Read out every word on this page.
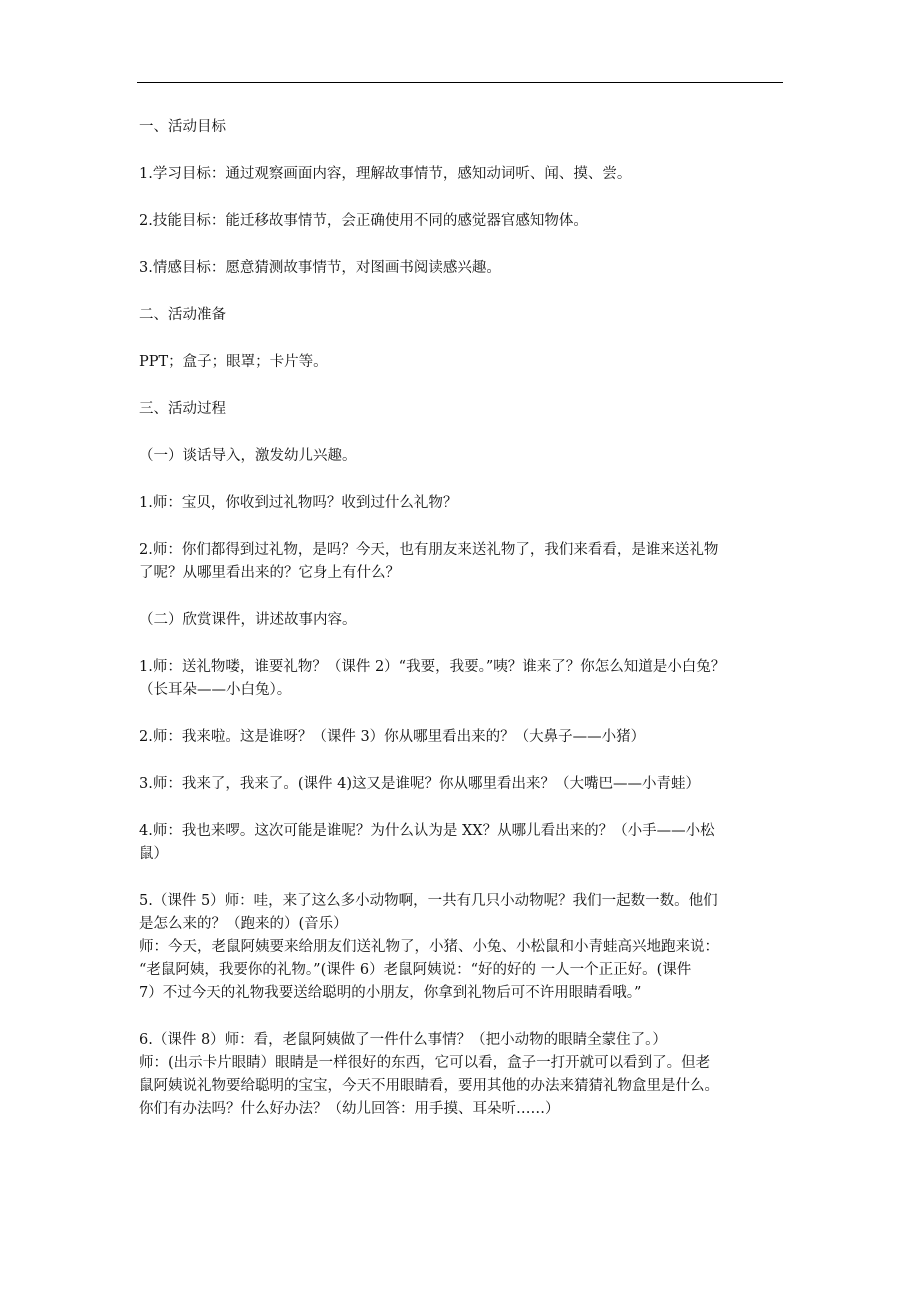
一、活动目标
1.学习目标：通过观察画面内容，理解故事情节，感知动词听、闻、摸、尝。
2.技能目标：能迁移故事情节，会正确使用不同的感觉器官感知物体。
3.情感目标：愿意猜测故事情节，对图画书阅读感兴趣。
二、活动准备
PPT；盒子；眼罩；卡片等。
三、活动过程
（一）谈话导入，激发幼儿兴趣。
1.师：宝贝，你收到过礼物吗？收到过什么礼物？
2.师：你们都得到过礼物，是吗？今天，也有朋友来送礼物了，我们来看看，是谁来送礼物
了呢？从哪里看出来的？它身上有什么？
（二）欣赏课件，讲述故事内容。
1.师：送礼物喽，谁要礼物？（课件 2）“我要，我要。”咦？谁来了？你怎么知道是小白兔？
（长耳朵——小白兔）。
2.师：我来啦。这是谁呀？（课件 3）你从哪里看出来的？（大鼻子——小猪）
3.师：我来了，我来了。(课件 4)这又是谁呢？你从哪里看出来？（大嘴巴——小青蛙）
4.师：我也来啰。这次可能是谁呢？为什么认为是 XX？从哪儿看出来的？（小手——小松
鼠）
5.（课件 5）师：哇，来了这么多小动物啊，一共有几只小动物呢？我们一起数一数。他们
是怎么来的？（跑来的）(音乐）
师：今天，老鼠阿姨要来给朋友们送礼物了，小猪、小兔、小松鼠和小青蛙高兴地跑来说：
“老鼠阿姨，我要你的礼物。”(课件 6）老鼠阿姨说：“好的好的 一人一个正正好。(课件
7）不过今天的礼物我要送给聪明的小朋友，你拿到礼物后可不许用眼睛看哦。”
6.（课件 8）师：看，老鼠阿姨做了一件什么事情？（把小动物的眼睛全蒙住了。）
师：(出示卡片眼睛）眼睛是一样很好的东西，它可以看，盒子一打开就可以看到了。但老
鼠阿姨说礼物要给聪明的宝宝，今天不用眼睛看，要用其他的办法来猜猜礼物盒里是什么。
你们有办法吗？什么好办法？（幼儿回答：用手摸、耳朵听……）
